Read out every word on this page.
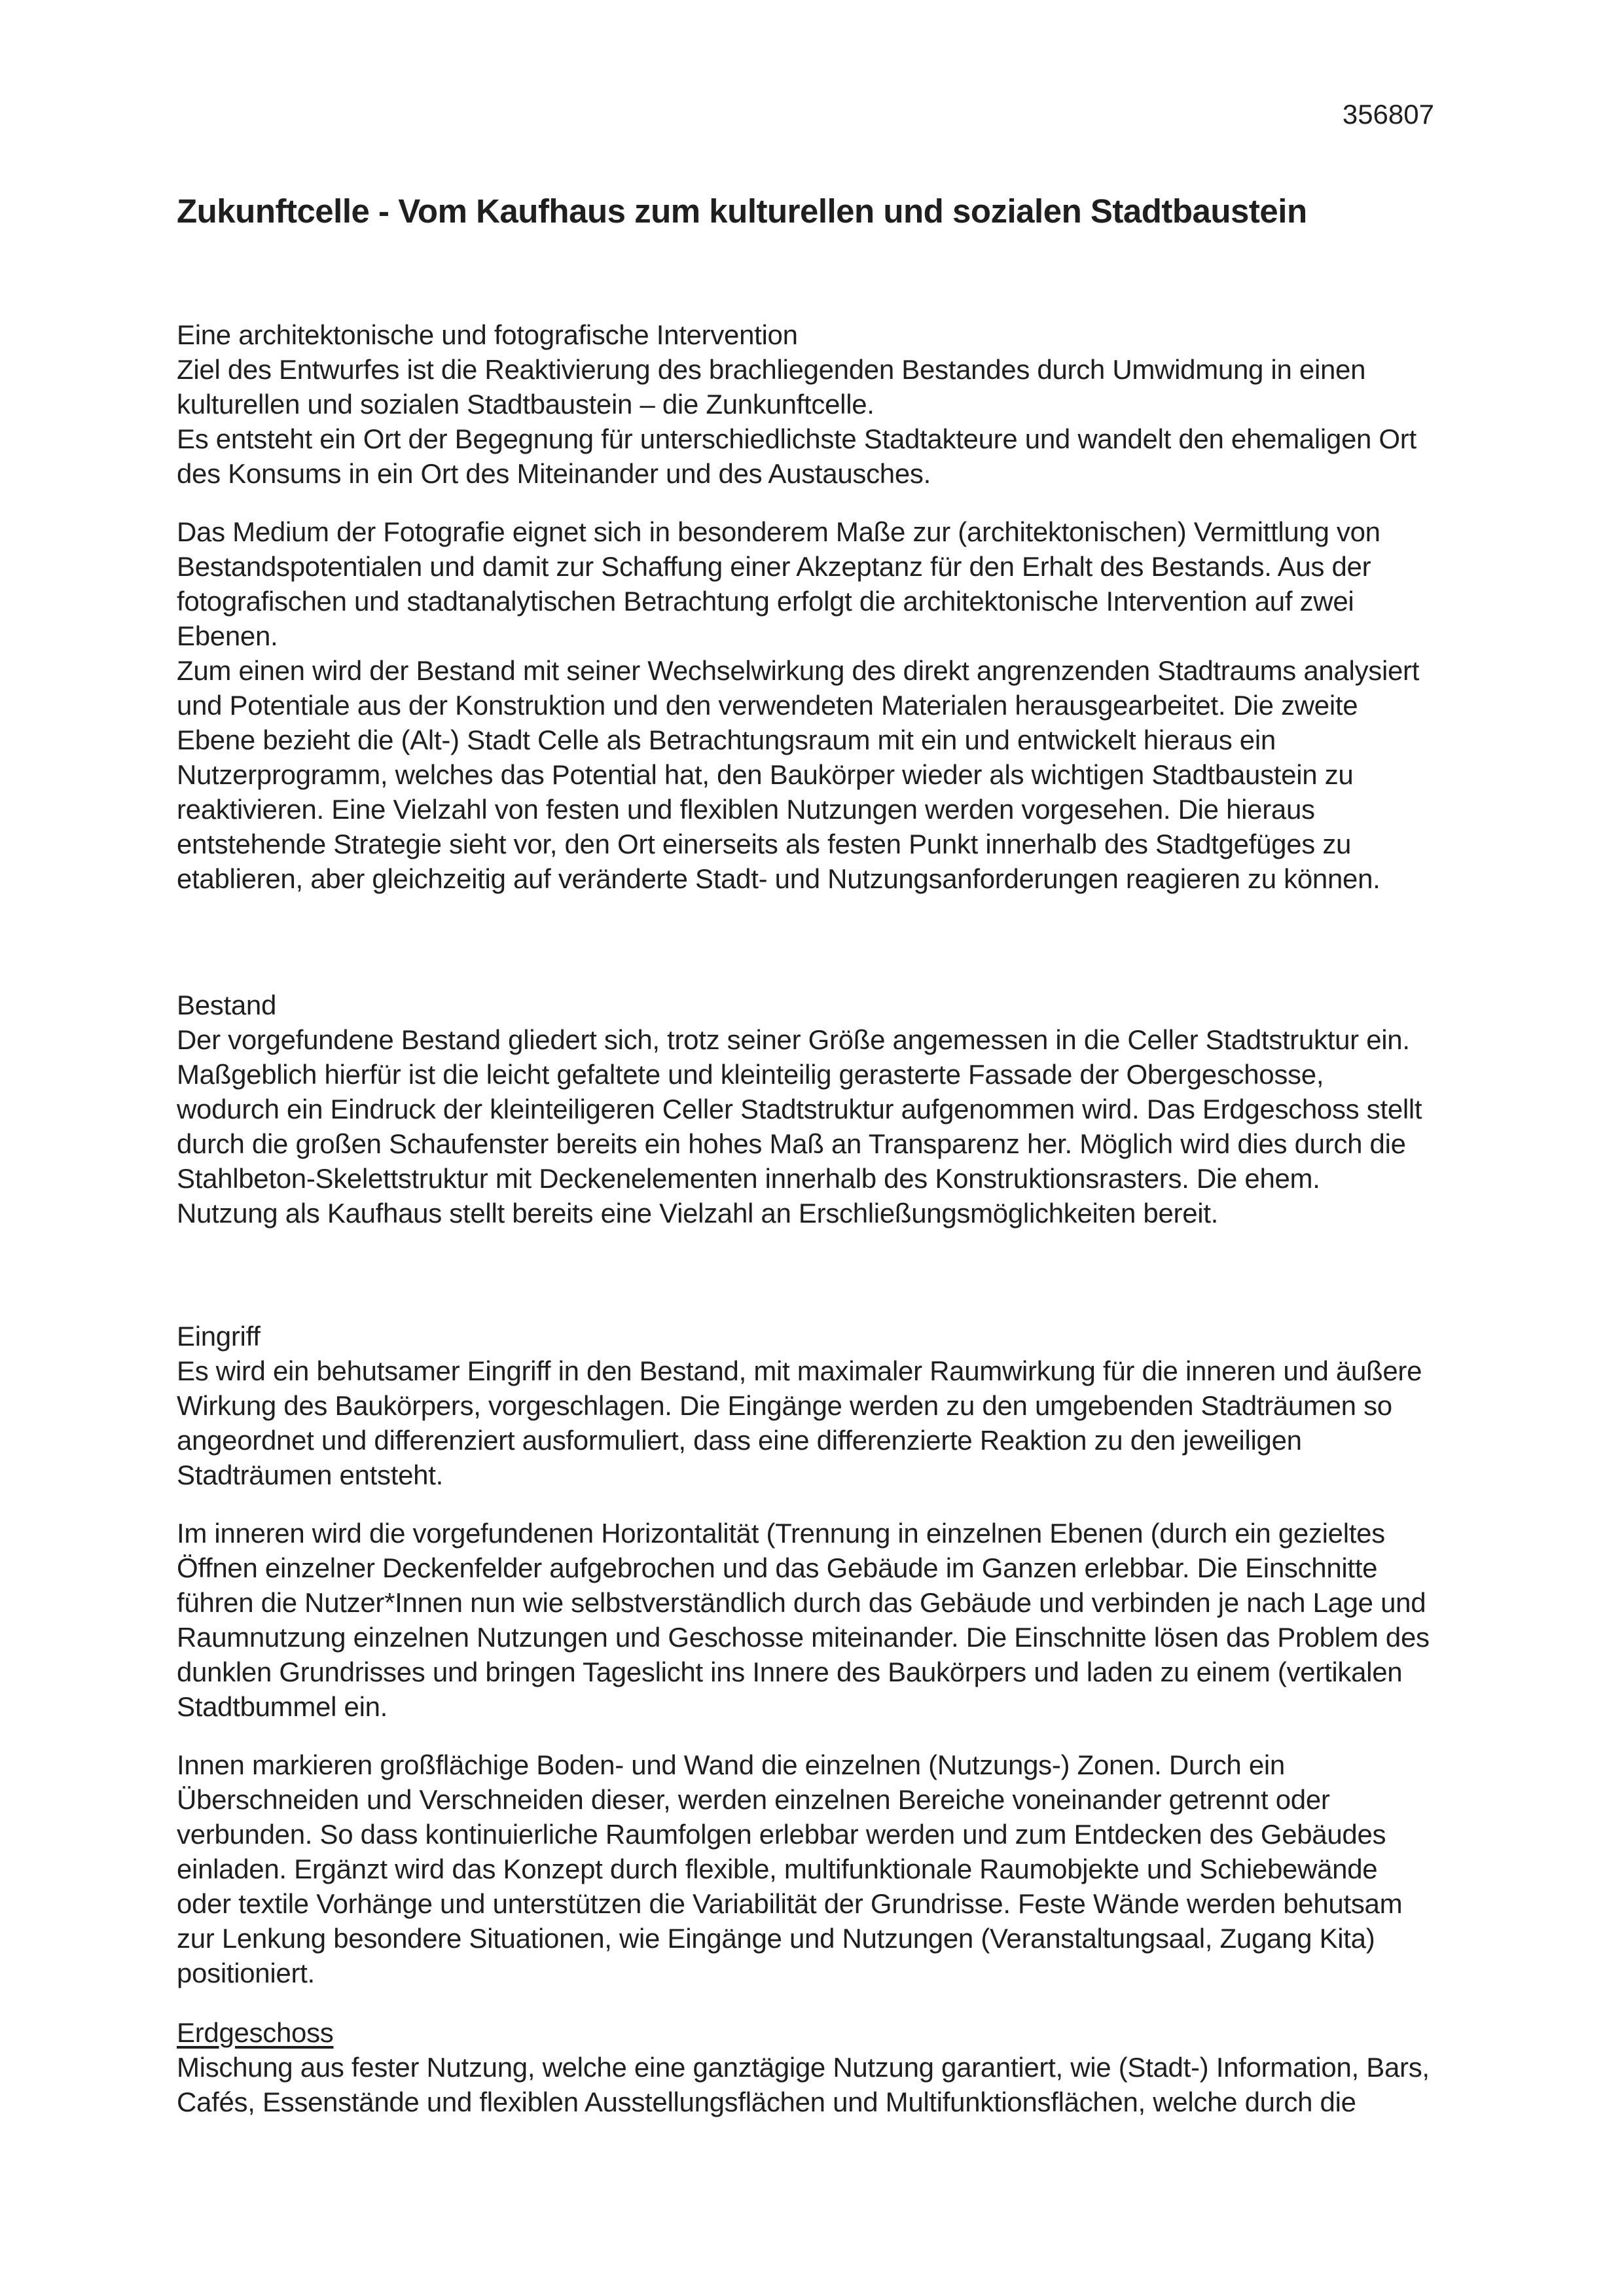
356807
Zukunftcelle - Vom Kaufhaus zum kulturellen und sozialen Stadtbaustein
Eine architektonische und fotografische Intervention
Ziel des Entwurfes ist die Reaktivierung des brachliegenden Bestandes durch Umwidmung in einen
kulturellen und sozialen Stadtbaustein – die Zunkunftcelle.
Es entsteht ein Ort der Begegnung für unterschiedlichste Stadtakteure und wandelt den ehemaligen Ort
des Konsums in ein Ort des Miteinander und des Austausches.
Das Medium der Fotografie eignet sich in besonderem Maße zur (architektonischen) Vermittlung von
Bestandspotentialen und damit zur Schaffung einer Akzeptanz für den Erhalt des Bestands. Aus der
fotografischen und stadtanalytischen Betrachtung erfolgt die architektonische Intervention auf zwei
Ebenen.
Zum einen wird der Bestand mit seiner Wechselwirkung des direkt angrenzenden Stadtraums analysiert
und Potentiale aus der Konstruktion und den verwendeten Materialen herausgearbeitet. Die zweite
Ebene bezieht die (Alt-) Stadt Celle als Betrachtungsraum mit ein und entwickelt hieraus ein
Nutzerprogramm, welches das Potential hat, den Baukörper wieder als wichtigen Stadtbaustein zu
reaktivieren. Eine Vielzahl von festen und flexiblen Nutzungen werden vorgesehen. Die hieraus
entstehende Strategie sieht vor, den Ort einerseits als festen Punkt innerhalb des Stadtgefüges zu
etablieren, aber gleichzeitig auf veränderte Stadt- und Nutzungsanforderungen reagieren zu können.
Bestand
Der vorgefundene Bestand gliedert sich, trotz seiner Größe angemessen in die Celler Stadtstruktur ein.
Maßgeblich hierfür ist die leicht gefaltete und kleinteilig gerasterte Fassade der Obergeschosse,
wodurch ein Eindruck der kleinteiligeren Celler Stadtstruktur aufgenommen wird. Das Erdgeschoss stellt
durch die großen Schaufenster bereits ein hohes Maß an Transparenz her. Möglich wird dies durch die
Stahlbeton-Skelettstruktur mit Deckenelementen innerhalb des Konstruktionsrasters. Die ehem.
Nutzung als Kaufhaus stellt bereits eine Vielzahl an Erschließungsmöglichkeiten bereit.
Eingriff
Es wird ein behutsamer Eingriff in den Bestand, mit maximaler Raumwirkung für die inneren und äußere
Wirkung des Baukörpers, vorgeschlagen. Die Eingänge werden zu den umgebenden Stadträumen so
angeordnet und differenziert ausformuliert, dass eine differenzierte Reaktion zu den jeweiligen
Stadträumen entsteht.
Im inneren wird die vorgefundenen Horizontalität (Trennung in einzelnen Ebenen (durch ein gezieltes
Öffnen einzelner Deckenfelder aufgebrochen und das Gebäude im Ganzen erlebbar. Die Einschnitte
führen die Nutzer*Innen nun wie selbstverständlich durch das Gebäude und verbinden je nach Lage und
Raumnutzung einzelnen Nutzungen und Geschosse miteinander. Die Einschnitte lösen das Problem des
dunklen Grundrisses und bringen Tageslicht ins Innere des Baukörpers und laden zu einem (vertikalen
Stadtbummel ein.
Innen markieren großflächige Boden- und Wand die einzelnen (Nutzungs-) Zonen. Durch ein
Überschneiden und Verschneiden dieser, werden einzelnen Bereiche voneinander getrennt oder
verbunden. So dass kontinuierliche Raumfolgen erlebbar werden und zum Entdecken des Gebäudes
einladen. Ergänzt wird das Konzept durch flexible, multifunktionale Raumobjekte und Schiebewände
oder textile Vorhänge und unterstützen die Variabilität der Grundrisse. Feste Wände werden behutsam
zur Lenkung besondere Situationen, wie Eingänge und Nutzungen (Veranstaltungsaal, Zugang Kita)
positioniert.
Erdgeschoss
Mischung aus fester Nutzung, welche eine ganztägige Nutzung garantiert, wie (Stadt-) Information, Bars,
Cafés, Essenstände und flexiblen Ausstellungsflächen und Multifunktionsflächen, welche durch die
